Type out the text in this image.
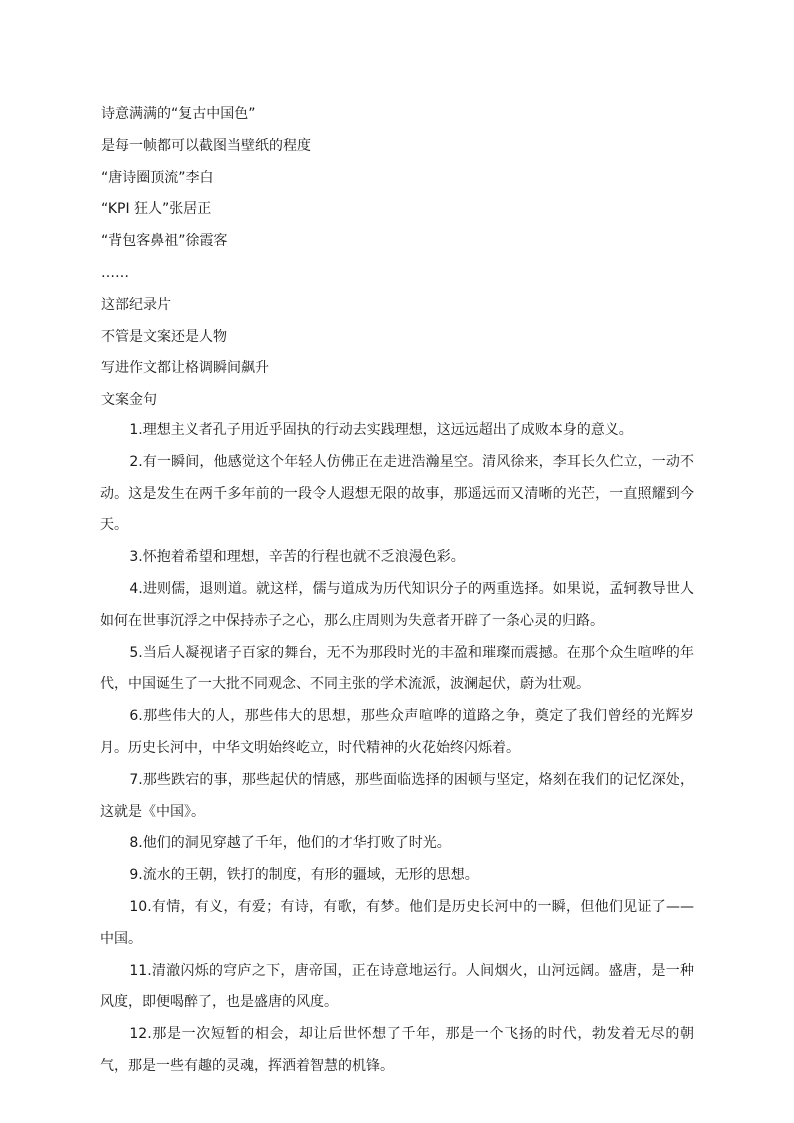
诗意满满的“复古中国色”
是每一帧都可以截图当壁纸的程度
“唐诗圈顶流”李白
“KPI 狂人”张居正
“背包客鼻祖”徐霞客
……
这部纪录片
不管是文案还是人物
写进作文都让格调瞬间飙升
文案金句

1.理想主义者孔子用近乎固执的行动去实践理想，这远远超出了成败本身的意义。

2.有一瞬间，他感觉这个年轻人仿佛正在走进浩瀚星空。清风徐来，李耳长久伫立，一动不动。这是发生在两千多年前的一段令人遐想无限的故事，那遥远而又清晰的光芒，一直照耀到今天。

3.怀抱着希望和理想，辛苦的行程也就不乏浪漫色彩。

4.进则儒，退则道。就这样，儒与道成为历代知识分子的两重选择。如果说，孟轲教导世人如何在世事沉浮之中保持赤子之心，那么庄周则为失意者开辟了一条心灵的归路。

5.当后人凝视诸子百家的舞台，无不为那段时光的丰盈和璀璨而震撼。在那个众生喧哗的年代，中国诞生了一大批不同观念、不同主张的学术流派，波澜起伏，蔚为壮观。

6.那些伟大的人，那些伟大的思想，那些众声喧哗的道路之争，奠定了我们曾经的光辉岁月。历史长河中，中华文明始终屹立，时代精神的火花始终闪烁着。

7.那些跌宕的事，那些起伏的情感，那些面临选择的困顿与坚定，烙刻在我们的记忆深处，这就是《中国》。

8.他们的洞见穿越了千年，他们的才华打败了时光。

9.流水的王朝，铁打的制度，有形的疆域，无形的思想。

10.有情，有义，有爱；有诗，有歌，有梦。他们是历史长河中的一瞬，但他们见证了——中国。

11.清澈闪烁的穹庐之下，唐帝国，正在诗意地运行。人间烟火，山河远阔。盛唐，是一种风度，即便喝醉了，也是盛唐的风度。

12.那是一次短暂的相会，却让后世怀想了千年，那是一个飞扬的时代，勃发着无尽的朝气，那是一些有趣的灵魂，挥洒着智慧的机锋。
